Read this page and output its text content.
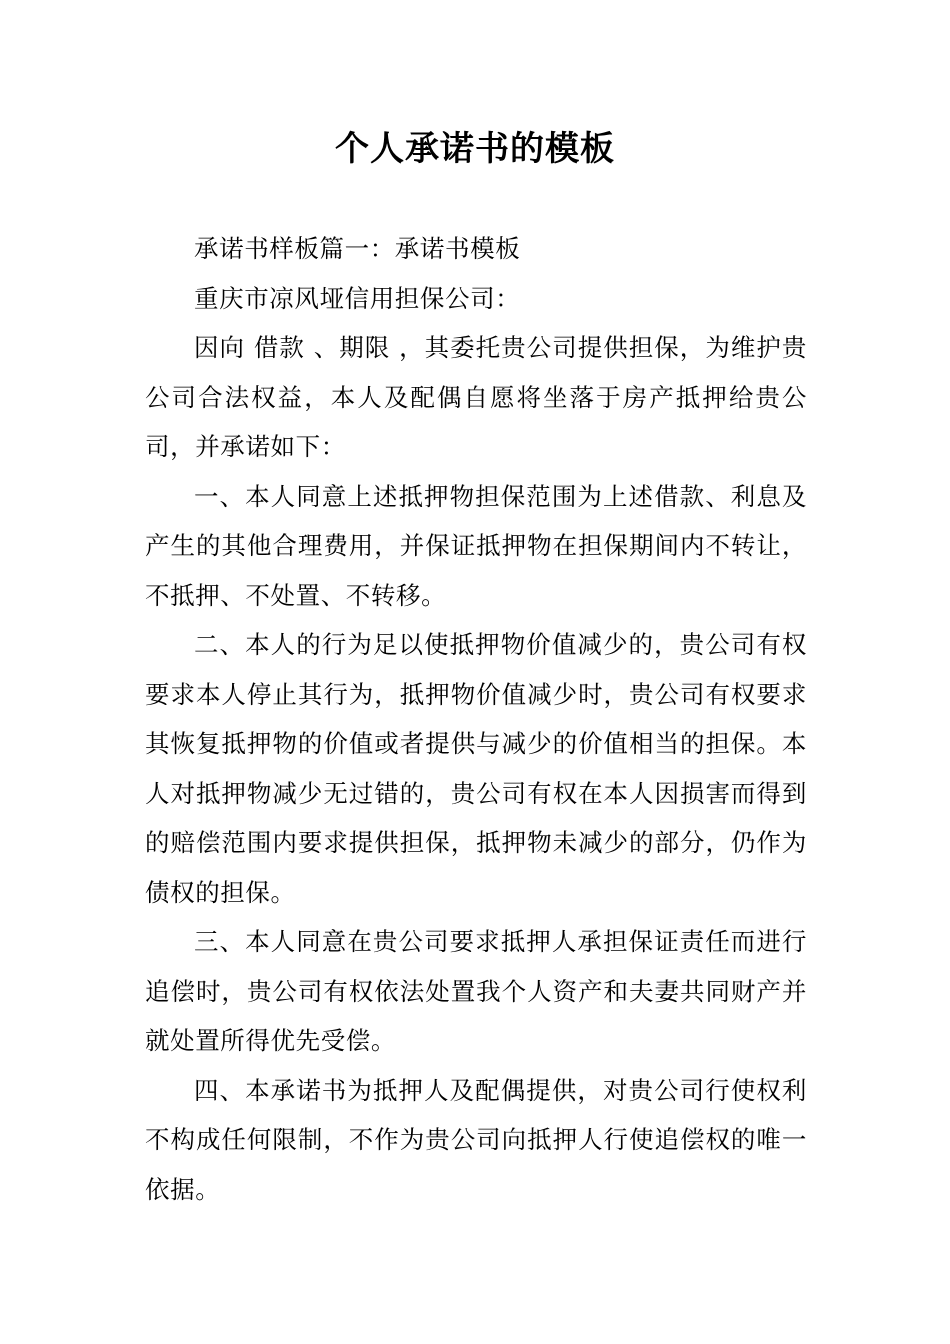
个人承诺书的模板

承诺书样板篇一：承诺书模板

重庆市凉风垭信用担保公司：

因向 借款 、期限 ，其委托贵公司提供担保，为维护贵公司合法权益，本人及配偶自愿将坐落于房产抵押给贵公司，并承诺如下：

一、本人同意上述抵押物担保范围为上述借款、利息及产生的其他合理费用，并保证抵押物在担保期间内不转让，不抵押、不处置、不转移。

二、本人的行为足以使抵押物价值减少的，贵公司有权要求本人停止其行为，抵押物价值减少时，贵公司有权要求其恢复抵押物的价值或者提供与减少的价值相当的担保。本人对抵押物减少无过错的，贵公司有权在本人因损害而得到的赔偿范围内要求提供担保，抵押物未减少的部分，仍作为债权的担保。

三、本人同意在贵公司要求抵押人承担保证责任而进行追偿时，贵公司有权依法处置我个人资产和夫妻共同财产并就处置所得优先受偿。

四、本承诺书为抵押人及配偶提供，对贵公司行使权利不构成任何限制，不作为贵公司向抵押人行使追偿权的唯一依据。
